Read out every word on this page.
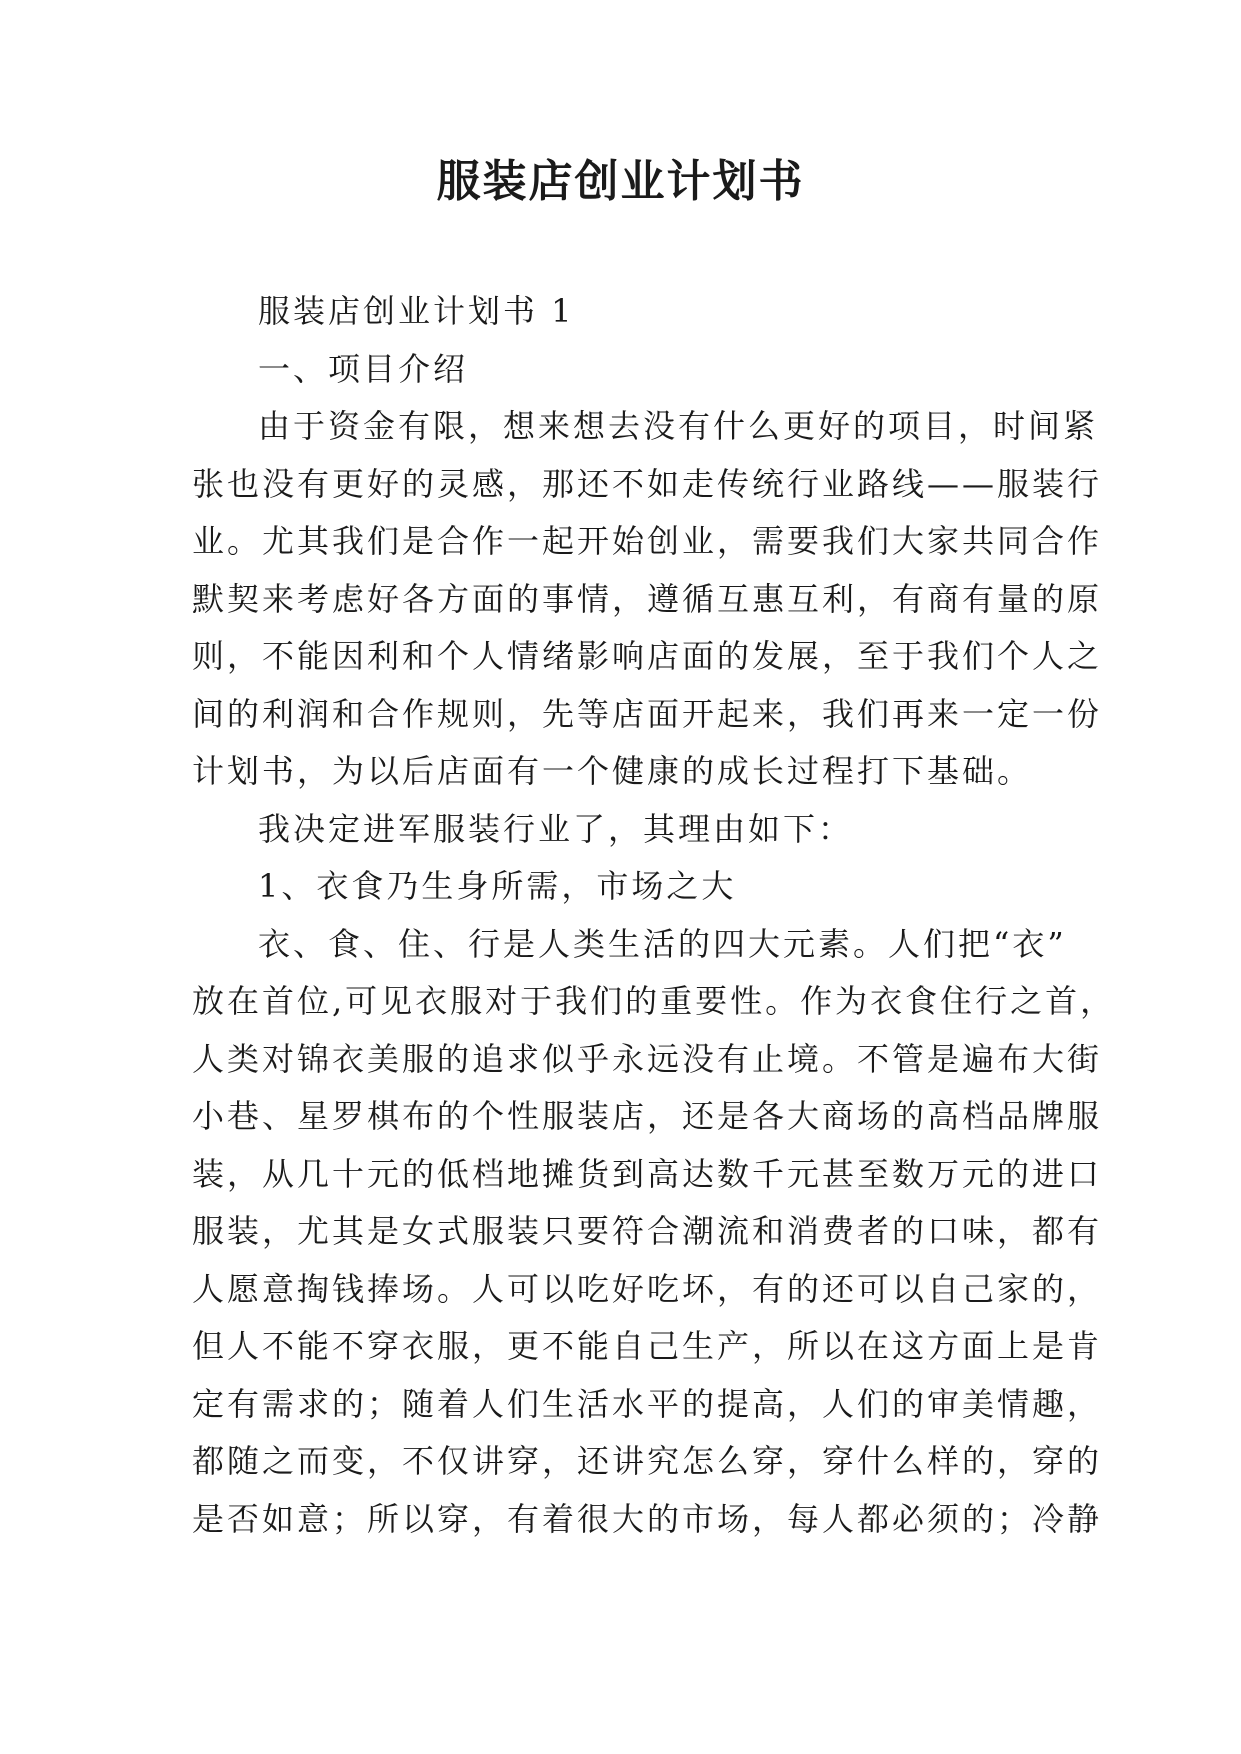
服装店创业计划书

服装店创业计划书 1

一、项目介绍

由于资金有限，想来想去没有什么更好的项目，时间紧

张也没有更好的灵感，那还不如走传统行业路线——服装行

业。尤其我们是合作一起开始创业，需要我们大家共同合作

默契来考虑好各方面的事情，遵循互惠互利，有商有量的原

则，不能因利和个人情绪影响店面的发展，至于我们个人之

间的利润和合作规则，先等店面开起来，我们再来一定一份

计划书，为以后店面有一个健康的成长过程打下基础。

我决定进军服装行业了，其理由如下：

1、衣食乃生身所需，市场之大

衣、食、住、行是人类生活的四大元素。人们把“衣”

放在首位,可见衣服对于我们的重要性。作为衣食住行之首，

人类对锦衣美服的追求似乎永远没有止境。不管是遍布大街

小巷、星罗棋布的个性服装店，还是各大商场的高档品牌服

装，从几十元的低档地摊货到高达数千元甚至数万元的进口

服装，尤其是女式服装只要符合潮流和消费者的口味，都有

人愿意掏钱捧场。人可以吃好吃坏，有的还可以自己家的，

但人不能不穿衣服，更不能自己生产，所以在这方面上是肯

定有需求的；随着人们生活水平的提高，人们的审美情趣，

都随之而变，不仅讲穿，还讲究怎么穿，穿什么样的，穿的

是否如意；所以穿，有着很大的市场，每人都必须的；冷静
